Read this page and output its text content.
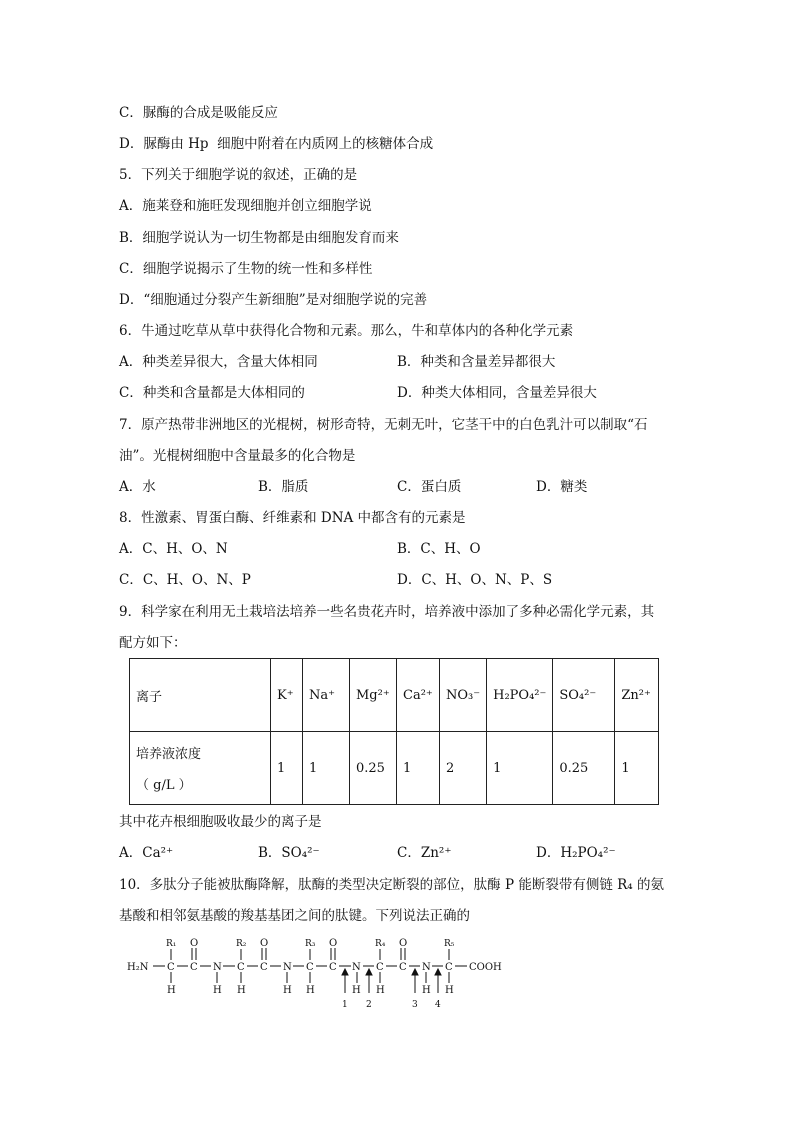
C．脲酶的合成是吸能反应
D．脲酶由 Hp  细胞中附着在内质网上的核糖体合成
5．下列关于细胞学说的叙述，正确的是
A．施莱登和施旺发现细胞并创立细胞学说
B．细胞学说认为一切生物都是由细胞发育而来
C．细胞学说揭示了生物的统一性和多样性
D．“细胞通过分裂产生新细胞”是对细胞学说的完善
6．牛通过吃草从草中获得化合物和元素。那么，牛和草体内的各种化学元素
A．种类差异很大，含量大体相同	B．种类和含量差异都很大
C．种类和含量都是大体相同的	D．种类大体相同，含量差异很大
7．原产热带非洲地区的光棍树，树形奇特，无刺无叶，它茎干中的白色乳汁可以制取“石
油”。光棍树细胞中含量最多的化合物是
A．水	B．脂质	C．蛋白质	D．糖类
8．性激素、胃蛋白酶、纤维素和 DNA 中都含有的元素是
A．C、H、O、N	B．C、H、O
C．C、H、O、N、P	D．C、H、O、N、P、S
9．科学家在利用无土栽培法培养一些名贵花卉时，培养液中添加了多种必需化学元素，其
配方如下：
离子	K⁺	Na⁺	Mg²⁺	Ca²⁺	NO₃⁻	H₂PO₄²⁻	SO₄²⁻	Zn²⁺

培养液浓度
（ g/L ）	1	1	0.25	1	2	1	0.25	1
其中花卉根细胞吸收最少的离子是
A．Ca²⁺	B．SO₄²⁻	C．Zn²⁺	D．H₂PO₄²⁻
10．多肽分子能被肽酶降解，肽酶的类型决定断裂的部位，肽酶 P 能断裂带有侧链 R₄ 的氨
基酸和相邻氨基酸的羧基基团之间的肽键。下列说法正确的
H₂N C C N C C N C C N C C N C COOH
O	O	O	O
H	H H	H H	H H	H H
R₁	R₂	R₃	R₄	R₅
1 2	3 4
